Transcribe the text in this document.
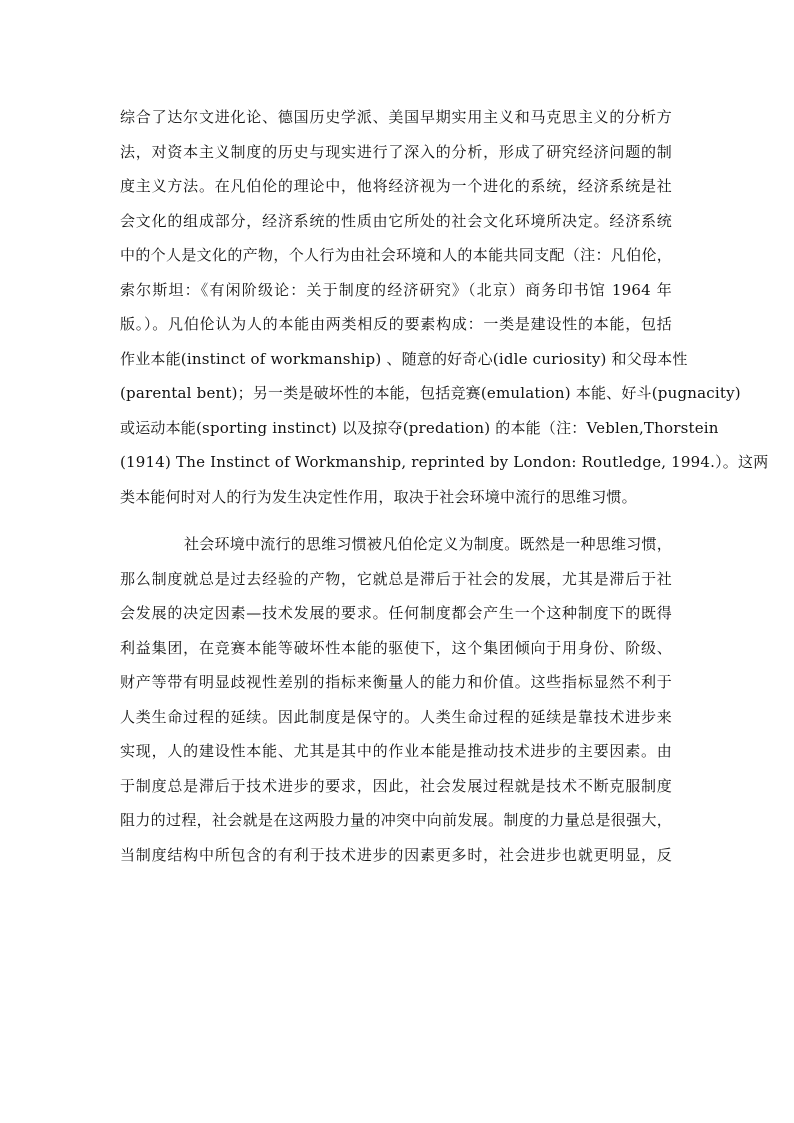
综合了达尔文进化论、德国历史学派、美国早期实用主义和马克思主义的分析方
法，对资本主义制度的历史与现实进行了深入的分析，形成了研究经济问题的制
度主义方法。在凡伯伦的理论中，他将经济视为一个进化的系统，经济系统是社
会文化的组成部分，经济系统的性质由它所处的社会文化环境所决定。经济系统
中的个人是文化的产物，个人行为由社会环境和人的本能共同支配（注：凡伯伦，
索尔斯坦：《有闲阶级论：关于制度的经济研究》（北京）商务印书馆 1964 年
版。）。凡伯伦认为人的本能由两类相反的要素构成：一类是建设性的本能，包括
作业本能(instinct of workmanship) 、随意的好奇心(idle curiosity) 和父母本性
(parental bent)；另一类是破坏性的本能，包括竞赛(emulation) 本能、好斗(pugnacity)
或运动本能(sporting instinct) 以及掠夺(predation) 的本能（注：Veblen,Thorstein
(1914) The Instinct of Workmanship, reprinted by London: Routledge, 1994.）。这两
类本能何时对人的行为发生决定性作用，取决于社会环境中流行的思维习惯。
社会环境中流行的思维习惯被凡伯伦定义为制度。既然是一种思维习惯，
那么制度就总是过去经验的产物，它就总是滞后于社会的发展，尤其是滞后于社
会发展的决定因素—技术发展的要求。任何制度都会产生一个这种制度下的既得
利益集团，在竞赛本能等破坏性本能的驱使下，这个集团倾向于用身份、阶级、
财产等带有明显歧视性差别的指标来衡量人的能力和价值。这些指标显然不利于
人类生命过程的延续。因此制度是保守的。人类生命过程的延续是靠技术进步来
实现，人的建设性本能、尤其是其中的作业本能是推动技术进步的主要因素。由
于制度总是滞后于技术进步的要求，因此，社会发展过程就是技术不断克服制度
阻力的过程，社会就是在这两股力量的冲突中向前发展。制度的力量总是很强大，
当制度结构中所包含的有利于技术进步的因素更多时，社会进步也就更明显，反
